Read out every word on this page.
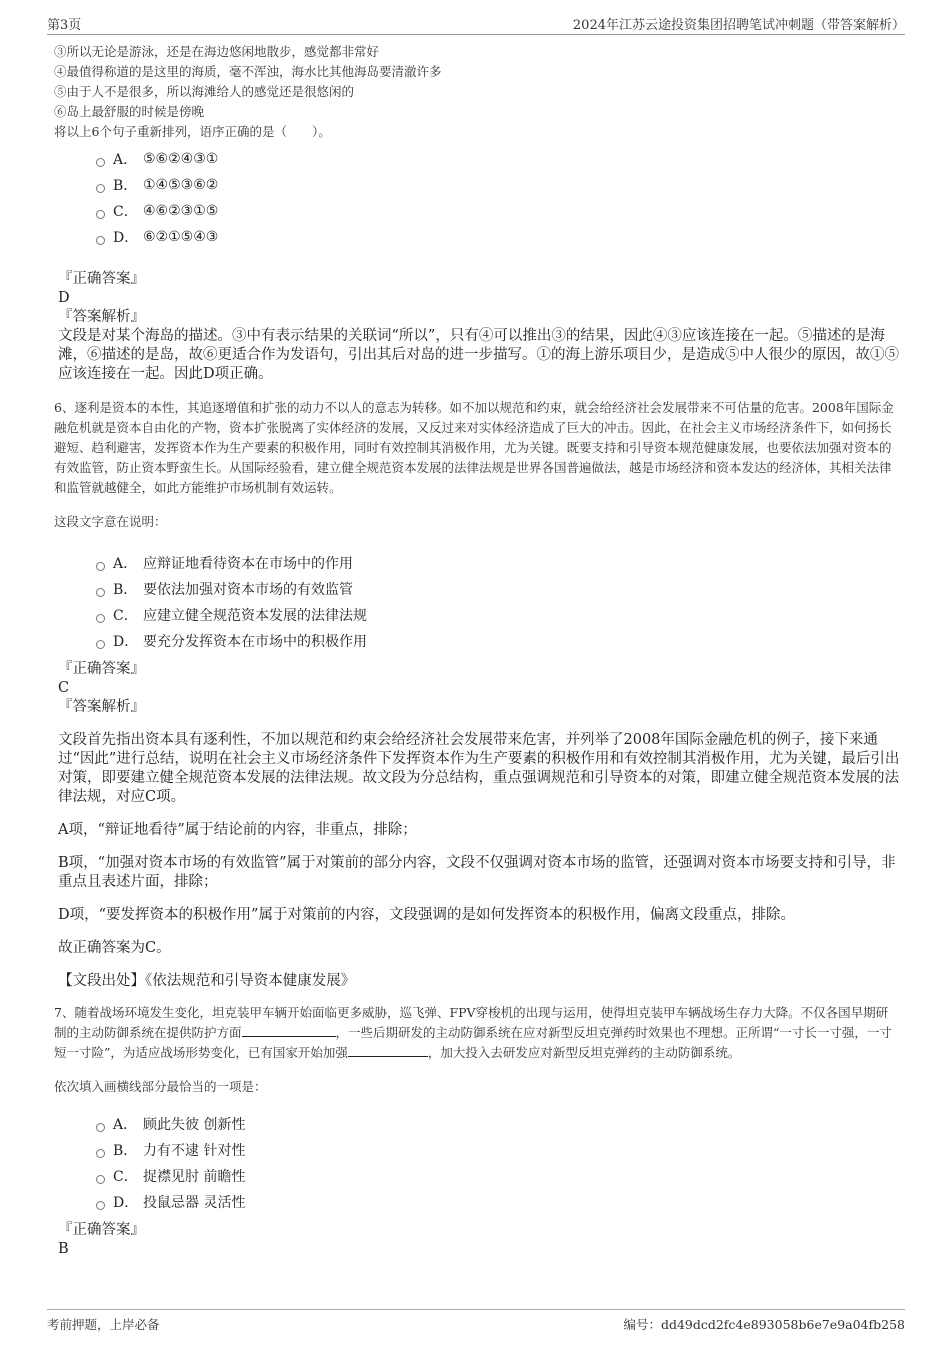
第3页	2024年江苏云途投资集团招聘笔试冲刺题（带答案解析）
③所以无论是游泳，还是在海边悠闲地散步，感觉都非常好
④最值得称道的是这里的海质，毫不浑浊，海水比其他海岛要清澈许多
⑤由于人不是很多，所以海滩给人的感觉还是很悠闲的
⑥岛上最舒服的时候是傍晚
将以上6个句子重新排列，语序正确的是（　　）。
A． ⑤⑥②④③①
B． ①④⑤③⑥②
C． ④⑥②③①⑤
D． ⑥②①⑤④③
『正确答案』
D
『答案解析』
文段是对某个海岛的描述。③中有表示结果的关联词“所以”，只有④可以推出③的结果，因此④③应该连接在一起。⑤描述的是海滩，⑥描述的是岛，故⑥更适合作为发语句，引出其后对岛的进一步描写。①的海上游乐项目少，是造成⑤中人很少的原因，故①⑤应该连接在一起。因此D项正确。
6、逐利是资本的本性，其追逐增值和扩张的动力不以人的意志为转移。如不加以规范和约束，就会给经济社会发展带来不可估量的危害。2008年国际金融危机就是资本自由化的产物，资本扩张脱离了实体经济的发展，又反过来对实体经济造成了巨大的冲击。因此，在社会主义市场经济条件下，如何扬长避短、趋利避害，发挥资本作为生产要素的积极作用，同时有效控制其消极作用，尤为关键。既要支持和引导资本规范健康发展，也要依法加强对资本的有效监管，防止资本野蛮生长。从国际经验看，建立健全规范资本发展的法律法规是世界各国普遍做法，越是市场经济和资本发达的经济体，其相关法律和监管就越健全，如此方能维护市场机制有效运转。
这段文字意在说明：
A． 应辩证地看待资本在市场中的作用
B． 要依法加强对资本市场的有效监管
C． 应建立健全规范资本发展的法律法规
D． 要充分发挥资本在市场中的积极作用
『正确答案』
C
『答案解析』

文段首先指出资本具有逐利性，不加以规范和约束会给经济社会发展带来危害，并列举了2008年国际金融危机的例子，接下来通过“因此”进行总结，说明在社会主义市场经济条件下发挥资本作为生产要素的积极作用和有效控制其消极作用，尤为关键，最后引出对策，即要建立健全规范资本发展的法律法规。故文段为分总结构，重点强调规范和引导资本的对策，即建立健全规范资本发展的法律法规，对应C项。

A项，“辩证地看待”属于结论前的内容，非重点，排除；

B项，“加强对资本市场的有效监管”属于对策前的部分内容，文段不仅强调对资本市场的监管，还强调对资本市场要支持和引导，非重点且表述片面，排除；

D项，“要发挥资本的积极作用”属于对策前的内容，文段强调的是如何发挥资本的积极作用，偏离文段重点，排除。

故正确答案为C。

【文段出处】《依法规范和引导资本健康发展》

7、随着战场环境发生变化，坦克装甲车辆开始面临更多威胁，巡飞弹、FPV穿梭机的出现与运用，使得坦克装甲车辆战场生存力大降。不仅各国早期研制的主动防御系统在提供防护方面	，一些后期研发的主动防御系统在应对新型反坦克弹药时效果也不理想。正所谓“一寸长一寸强，一寸短一寸险”，为适应战场形势变化，已有国家开始加强	，加大投入去研发应对新型反坦克弹药的主动防御系统。
依次填入画横线部分最恰当的一项是：
A． 顾此失彼 创新性
B． 力有不逮 针对性
C． 捉襟见肘 前瞻性
D． 投鼠忌器 灵活性
『正确答案』
B
考前押题，上岸必备	编号：dd49dcd2fc4e893058b6e7e9a04fb258
